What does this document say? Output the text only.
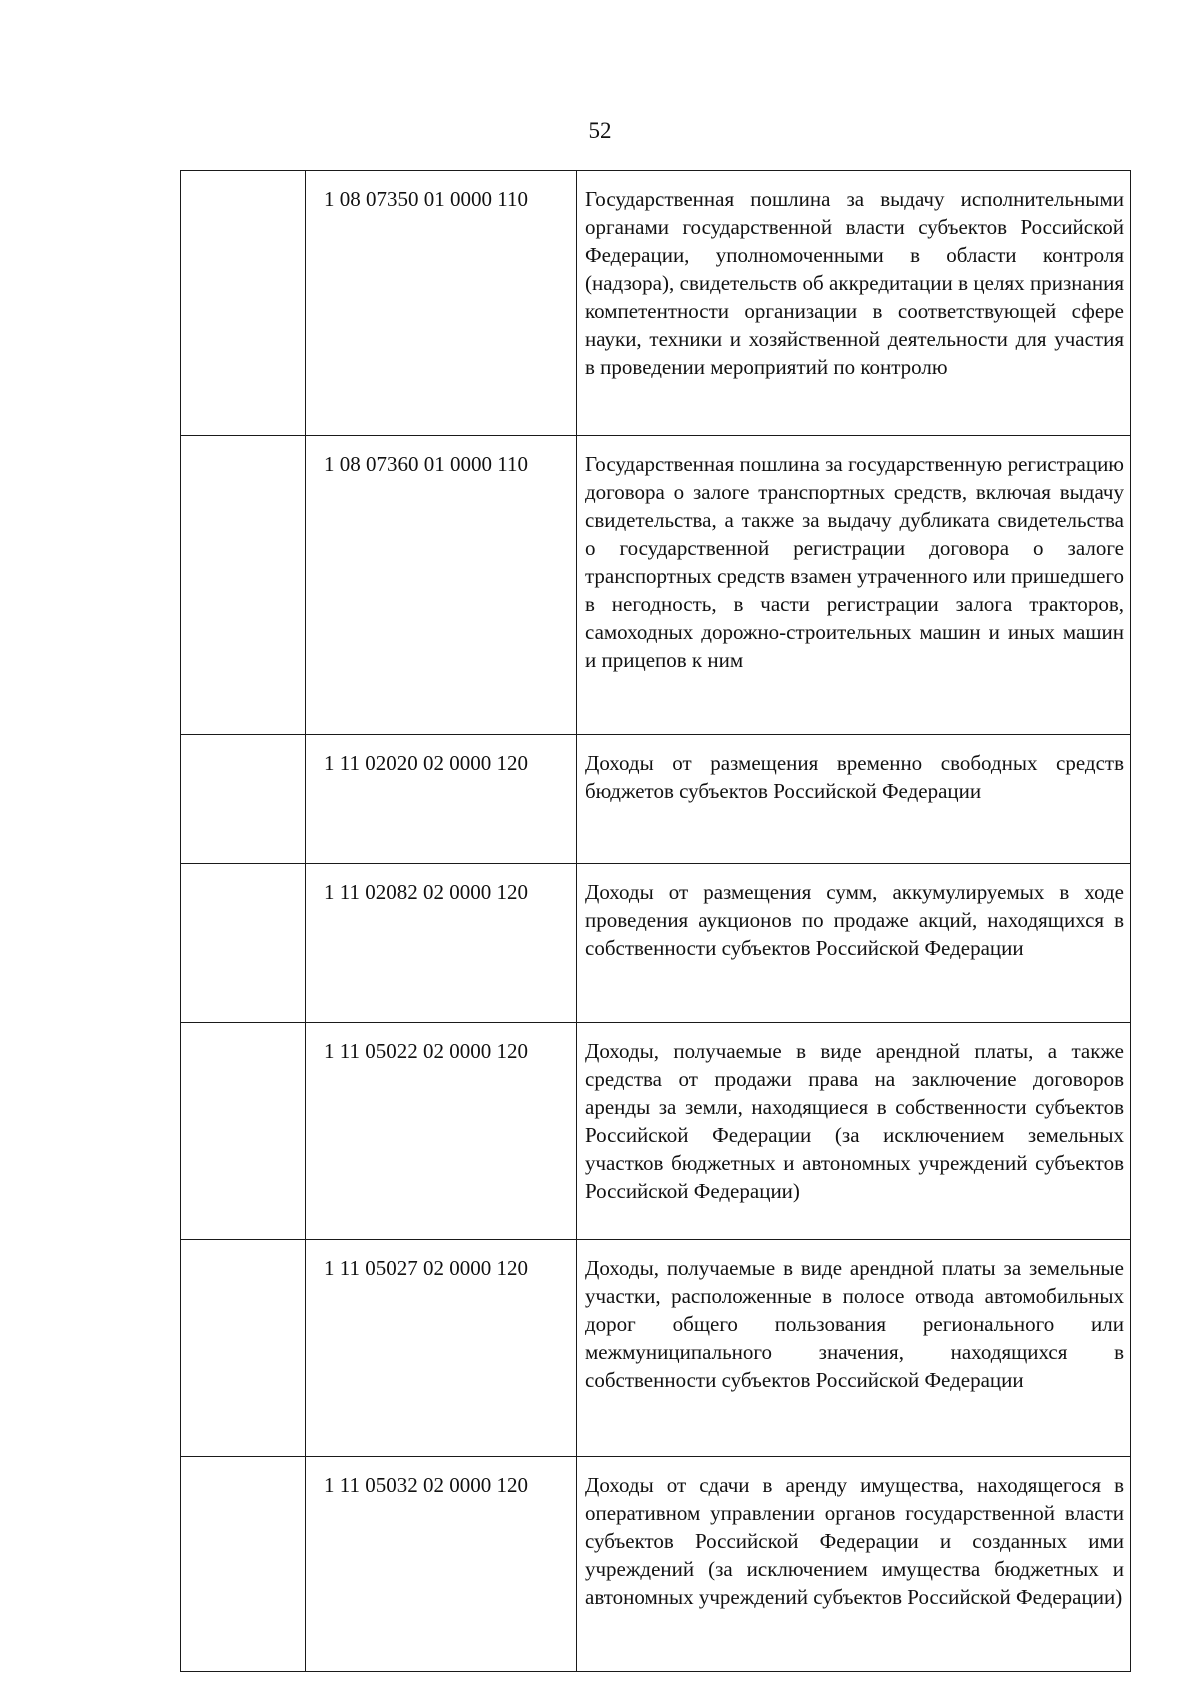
52
	1 08 07350 01 0000 110	Государственная пошлина за выдачу исполнительными органами государственной власти субъектов Российской Федерации, уполномоченными в области контроля (надзора), свидетельств об аккредитации в целях признания компетентности организации в соответствующей сфере науки, техники и хозяйственной деятельности для участия в проведении мероприятий по контролю
	1 08 07360 01 0000 110	Государственная пошлина за государственную регистрацию договора о залоге транспортных средств, включая выдачу свидетельства, а также за выдачу дубликата свидетельства о государственной регистрации договора о залоге транспортных средств взамен утраченного или пришедшего в негодность, в части регистрации залога тракторов, самоходных дорожно-строительных машин и иных машин и прицепов к ним
	1 11 02020 02 0000 120	Доходы от размещения временно свободных средств бюджетов субъектов Российской Федерации
	1 11 02082 02 0000 120	Доходы от размещения сумм, аккумулируемых в ходе проведения аукционов по продаже акций, находящихся в собственности субъектов Российской Федерации
	1 11 05022 02 0000 120	Доходы, получаемые в виде арендной платы, а также средства от продажи права на заключение договоров аренды за земли, находящиеся в собственности субъектов Российской Федерации (за исключением земельных участков бюджетных и автономных учреждений субъектов Российской Федерации)
	1 11 05027 02 0000 120	Доходы, получаемые в виде арендной платы за земельные участки, расположенные в полосе отвода автомобильных дорог общего пользования регионального или межмуниципального значения, находящихся в собственности субъектов Российской Федерации
	1 11 05032 02 0000 120	Доходы от сдачи в аренду имущества, находящегося в оперативном управлении органов государственной власти субъектов Российской Федерации и созданных ими учреждений (за исключением имущества бюджетных и автономных учреждений субъектов Российской Федерации)
